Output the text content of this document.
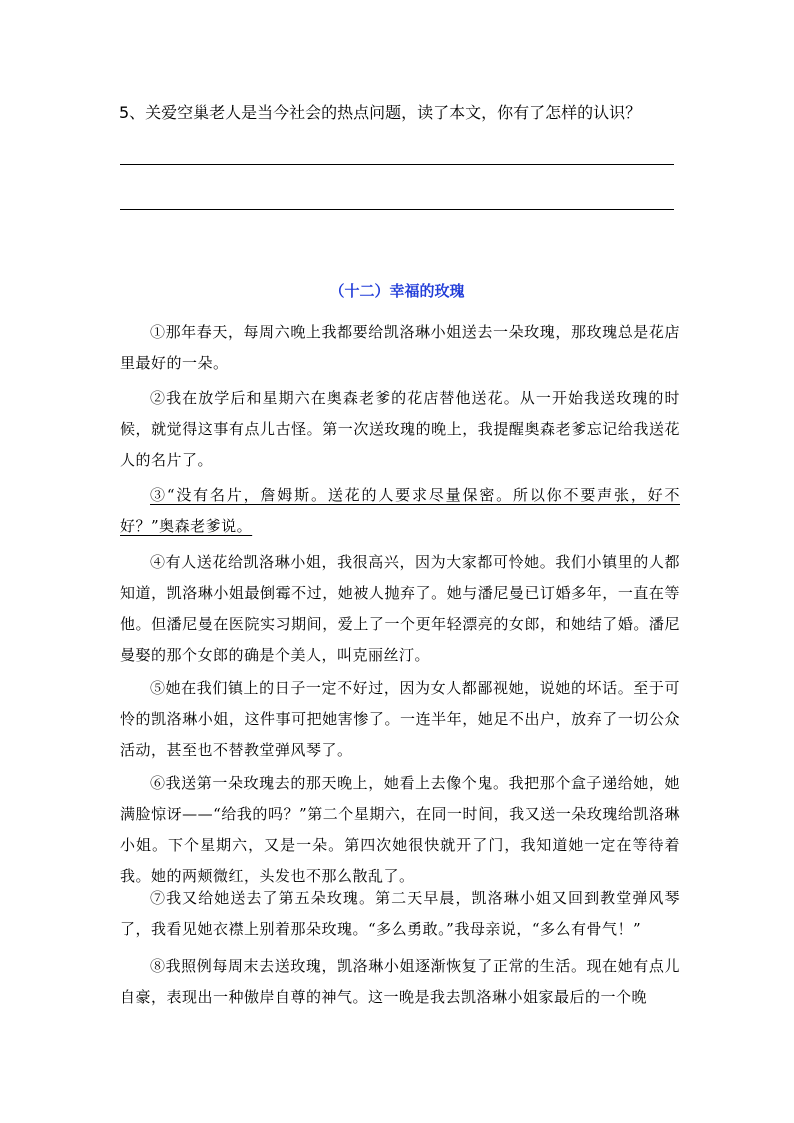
5、关爱空巢老人是当今社会的热点问题，读了本文，你有了怎样的认识？
（十二）幸福的玫瑰
①那年春天，每周六晚上我都要给凯洛琳小姐送去一朵玫瑰，那玫瑰总是花店里最好的一朵。
②我在放学后和星期六在奥森老爹的花店替他送花。从一开始我送玫瑰的时候，就觉得这事有点儿古怪。第一次送玫瑰的晚上，我提醒奥森老爹忘记给我送花人的名片了。
③“没有名片，詹姆斯。送花的人要求尽量保密。所以你不要声张，好不好？”奥森老爹说。
④有人送花给凯洛琳小姐，我很高兴，因为大家都可怜她。我们小镇里的人都知道，凯洛琳小姐最倒霉不过，她被人抛弃了。她与潘尼曼已订婚多年，一直在等他。但潘尼曼在医院实习期间，爱上了一个更年轻漂亮的女郎，和她结了婚。潘尼曼娶的那个女郎的确是个美人，叫克丽丝汀。
⑤她在我们镇上的日子一定不好过，因为女人都鄙视她，说她的坏话。至于可怜的凯洛琳小姐，这件事可把她害惨了。一连半年，她足不出户，放弃了一切公众活动，甚至也不替教堂弹风琴了。
⑥我送第一朵玫瑰去的那天晚上，她看上去像个鬼。我把那个盒子递给她，她满脸惊讶——“给我的吗？”第二个星期六，在同一时间，我又送一朵玫瑰给凯洛琳小姐。下个星期六，又是一朵。第四次她很快就开了门，我知道她一定在等待着我。她的两颊微红，头发也不那么散乱了。
⑦我又给她送去了第五朵玫瑰。第二天早晨，凯洛琳小姐又回到教堂弹风琴了，我看见她衣襟上别着那朵玫瑰。“多么勇敢。”我母亲说，“多么有骨气！”
⑧我照例每周末去送玫瑰，凯洛琳小姐逐渐恢复了正常的生活。现在她有点儿自豪，表现出一种傲岸自尊的神气。这一晚是我去凯洛琳小姐家最后的一个晚
